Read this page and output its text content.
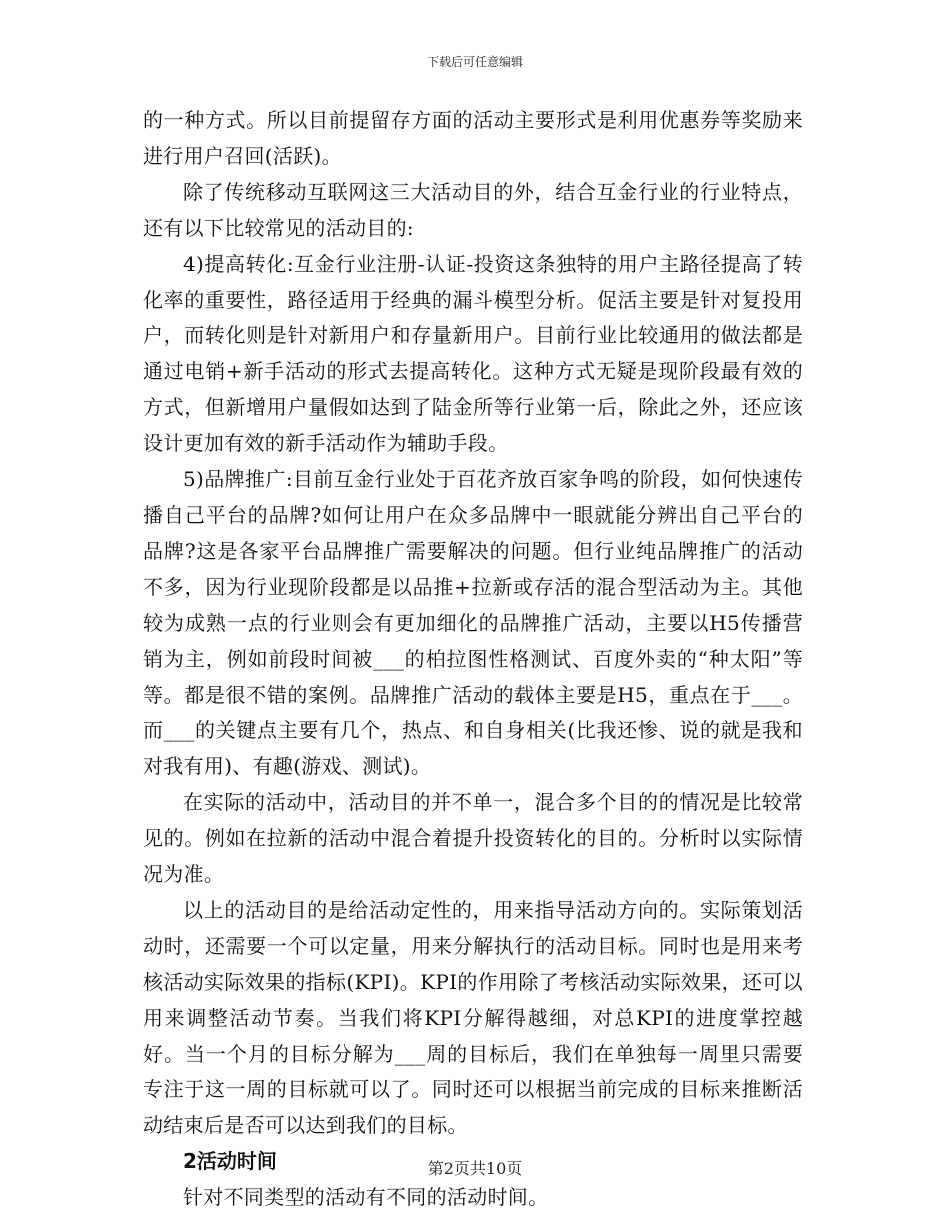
下载后可任意编辑

的一种方式。所以目前提留存方面的活动主要形式是利用优惠券等奖励来进行用户召回(活跃)。

除了传统移动互联网这三大活动目的外，结合互金行业的行业特点，还有以下比较常见的活动目的:

4)提高转化:互金行业注册-认证-投资这条独特的用户主路径提高了转化率的重要性，路径适用于经典的漏斗模型分析。促活主要是针对复投用户，而转化则是针对新用户和存量新用户。目前行业比较通用的做法都是通过电销+新手活动的形式去提高转化。这种方式无疑是现阶段最有效的方式，但新增用户量假如达到了陆金所等行业第一后，除此之外，还应该设计更加有效的新手活动作为辅助手段。

5)品牌推广:目前互金行业处于百花齐放百家争鸣的阶段，如何快速传播自己平台的品牌?如何让用户在众多品牌中一眼就能分辨出自己平台的品牌?这是各家平台品牌推广需要解决的问题。但行业纯品牌推广的活动不多，因为行业现阶段都是以品推+拉新或存活的混合型活动为主。其他较为成熟一点的行业则会有更加细化的品牌推广活动，主要以H5传播营销为主，例如前段时间被___的柏拉图性格测试、百度外卖的“种太阳”等等。都是很不错的案例。品牌推广活动的载体主要是H5，重点在于___。而___的关键点主要有几个，热点、和自身相关(比我还惨、说的就是我和对我有用)、有趣(游戏、测试)。

在实际的活动中，活动目的并不单一，混合多个目的的情况是比较常见的。例如在拉新的活动中混合着提升投资转化的目的。分析时以实际情况为准。

以上的活动目的是给活动定性的，用来指导活动方向的。实际策划活动时，还需要一个可以定量，用来分解执行的活动目标。同时也是用来考核活动实际效果的指标(KPI)。KPI的作用除了考核活动实际效果，还可以用来调整活动节奏。当我们将KPI分解得越细，对总KPI的进度掌控越好。当一个月的目标分解为___周的目标后，我们在单独每一周里只需要专注于这一周的目标就可以了。同时还可以根据当前完成的目标来推断活动结束后是否可以达到我们的目标。

2活动时间

针对不同类型的活动有不同的活动时间。

第2页共10页
